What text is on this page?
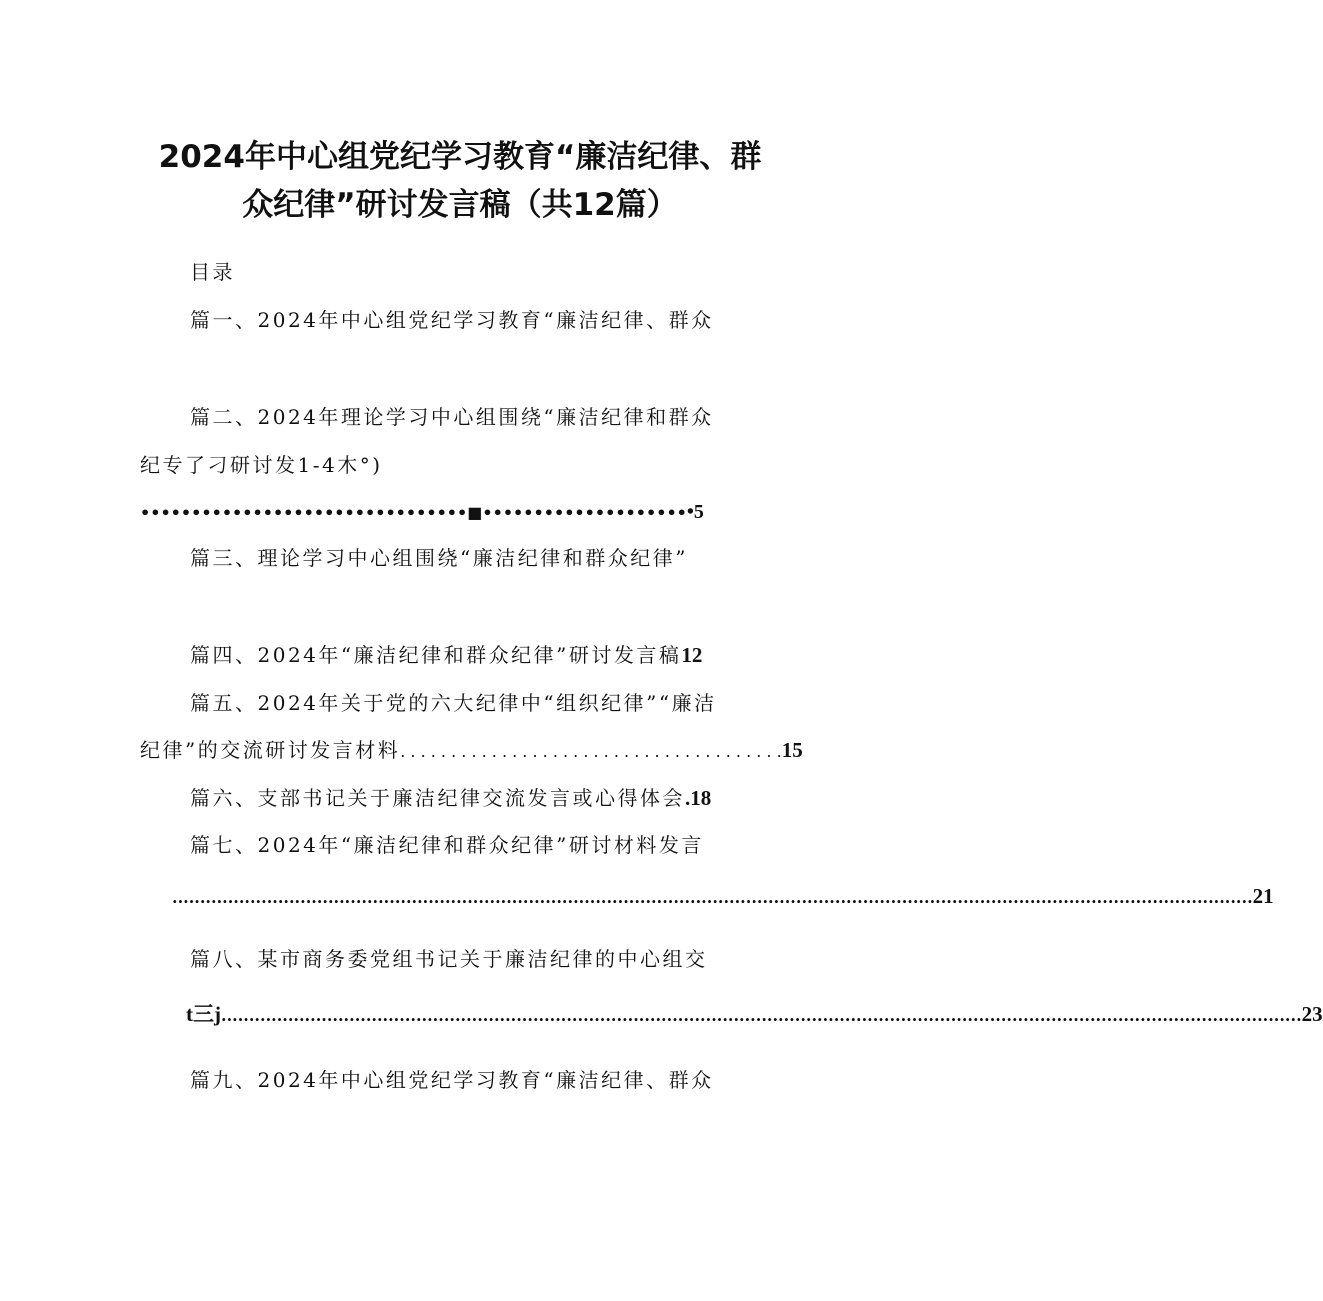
2024年中心组党纪学习教育“廉洁纪律、群
众纪律”研讨发言稿（共12篇）
目录
篇一、2024年中心组党纪学习教育“廉洁纪律、群众
篇二、2024年理论学习中心组围绕“廉洁纪律和群众
纪专了刁研讨发1-4木°)
••••••••••••••••••••••••••••••••■•••••••••••••••••••••5
篇三、理论学习中心组围绕“廉洁纪律和群众纪律”
篇四、2024年“廉洁纪律和群众纪律”研讨发言稿12
篇五、2024年关于党的六大纪律中“组织纪律”“廉洁
纪律”的交流研讨发言材料 . . . . . . . . . . . . . . . . . . . . . . . . . . . . . . . . . . . . . . 15
篇六、支部书记关于廉洁纪律交流发言或心得体会.18
篇七、2024年“廉洁纪律和群众纪律”研讨材料发言
.................................................................................................................................................................................................. 21
篇八、某市商务委党组书记关于廉洁纪律的中心组交
t三j .................................................................................................................................................................................................. 23
篇九、2024年中心组党纪学习教育“廉洁纪律、群众
